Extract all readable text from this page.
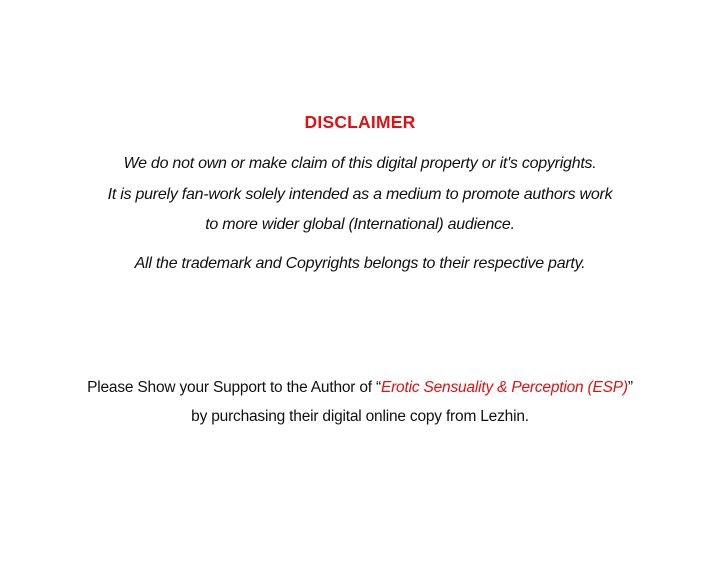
DISCLAIMER
We do not own or make claim of this digital property or it's copyrights.
It is purely fan-work solely intended as a medium to promote authors work
to more wider global (International) audience.
All the trademark and Copyrights belongs to their respective party.
Please Show your Support to the Author of “Erotic Sensuality & Perception (ESP)”
by purchasing their digital online copy from Lezhin.
